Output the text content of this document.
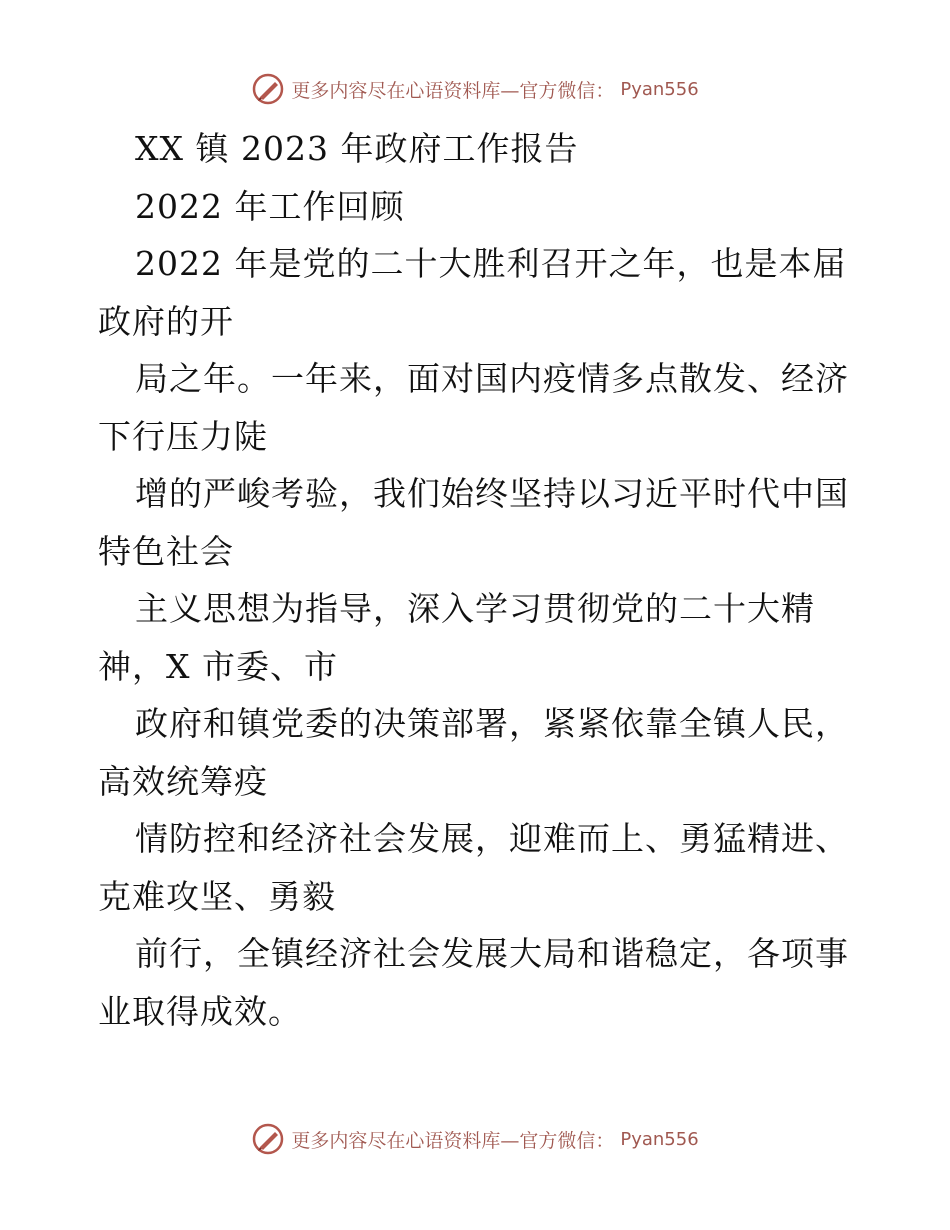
更多内容尽在心语资料库—官方微信： Pyan556
XX 镇 2023 年政府工作报告
2022 年工作回顾
2022 年是党的二十大胜利召开之年，也是本届
政府的开
局之年。一年来，面对国内疫情多点散发、经济
下行压力陡
增的严峻考验，我们始终坚持以习近平时代中国
特色社会
主义思想为指导，深入学习贯彻党的二十大精
神，X 市委、市
政府和镇党委的决策部署，紧紧依靠全镇人民，
高效统筹疫
情防控和经济社会发展，迎难而上、勇猛精进、
克难攻坚、勇毅
前行，全镇经济社会发展大局和谐稳定，各项事
业取得成效。
更多内容尽在心语资料库—官方微信： Pyan556
